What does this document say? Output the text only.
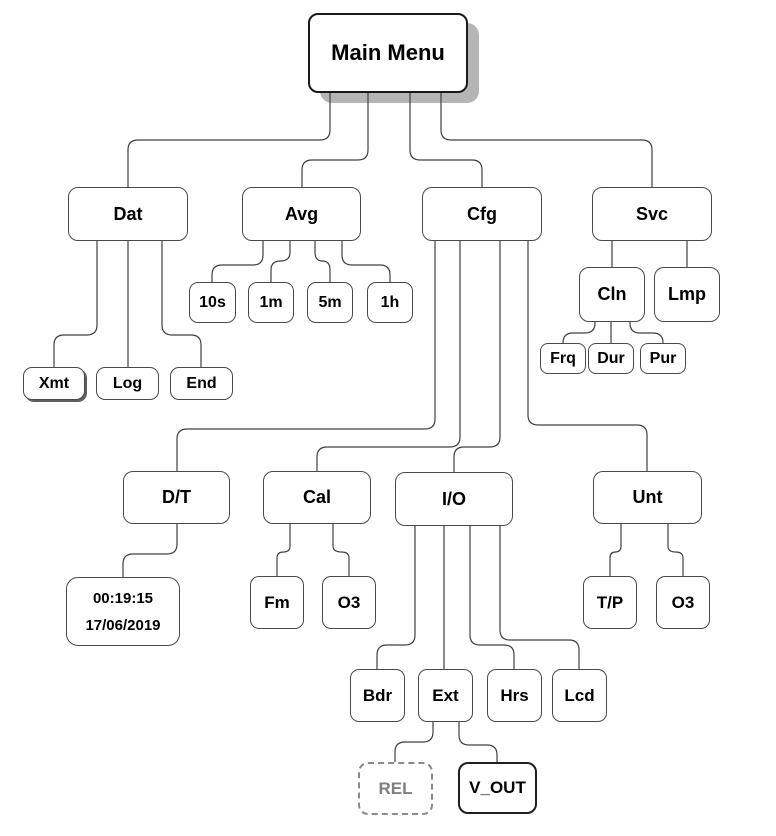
Main Menu
Dat	Avg	Cfg	Svc
10s	1m	5m	1h
Xmt	Log	End
Cln	Lmp
Frq	Dur	Pur
D/T	Cal	I/O	Unt
00:19:15
17/06/2019
Fm	O3	T/P	O3
Bdr	Ext	Hrs	Lcd
REL	V_OUT
